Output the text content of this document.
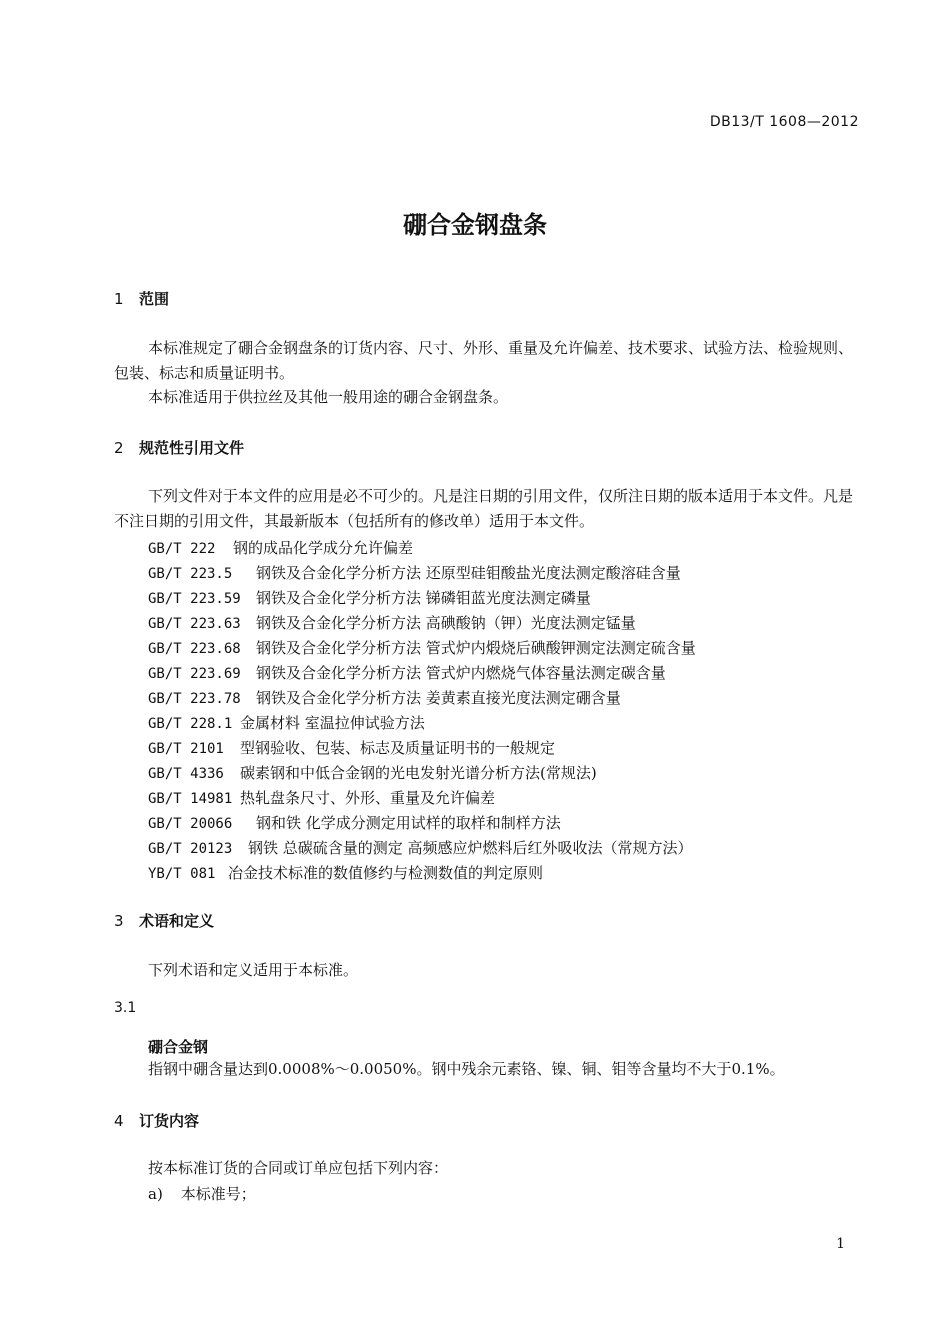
DB13/T 1608—2012
硼合金钢盘条
1 范围
本标准规定了硼合金钢盘条的订货内容、尺寸、外形、重量及允许偏差、技术要求、试验方法、检验规则、包装、标志和质量证明书。
本标准适用于供拉丝及其他一般用途的硼合金钢盘条。
2 规范性引用文件
下列文件对于本文件的应用是必不可少的。凡是注日期的引用文件，仅所注日期的版本适用于本文件。凡是不注日期的引用文件，其最新版本（包括所有的修改单）适用于本文件。
GB/T 222 钢的成品化学成分允许偏差
GB/T 223.5 钢铁及合金化学分析方法 还原型硅钼酸盐光度法测定酸溶硅含量
GB/T 223.59 钢铁及合金化学分析方法 锑磷钼蓝光度法测定磷量
GB/T 223.63 钢铁及合金化学分析方法 高碘酸钠（钾）光度法测定锰量
GB/T 223.68 钢铁及合金化学分析方法 管式炉内煅烧后碘酸钾测定法测定硫含量
GB/T 223.69 钢铁及合金化学分析方法 管式炉内燃烧气体容量法测定碳含量
GB/T 223.78 钢铁及合金化学分析方法 姜黄素直接光度法测定硼含量
GB/T 228.1 金属材料 室温拉伸试验方法
GB/T 2101 型钢验收、包装、标志及质量证明书的一般规定
GB/T 4336 碳素钢和中低合金钢的光电发射光谱分析方法(常规法)
GB/T 14981 热轧盘条尺寸、外形、重量及允许偏差
GB/T 20066 钢和铁 化学成分测定用试样的取样和制样方法
GB/T 20123 钢铁 总碳硫含量的测定 高频感应炉燃料后红外吸收法（常规方法）
YB/T 081 冶金技术标准的数值修约与检测数值的判定原则
3 术语和定义
下列术语和定义适用于本标准。
3.1
硼合金钢
指钢中硼含量达到0.0008%～0.0050%。钢中残余元素铬、镍、铜、钼等含量均不大于0.1%。
4 订货内容
按本标准订货的合同或订单应包括下列内容：
a) 本标准号；
1
